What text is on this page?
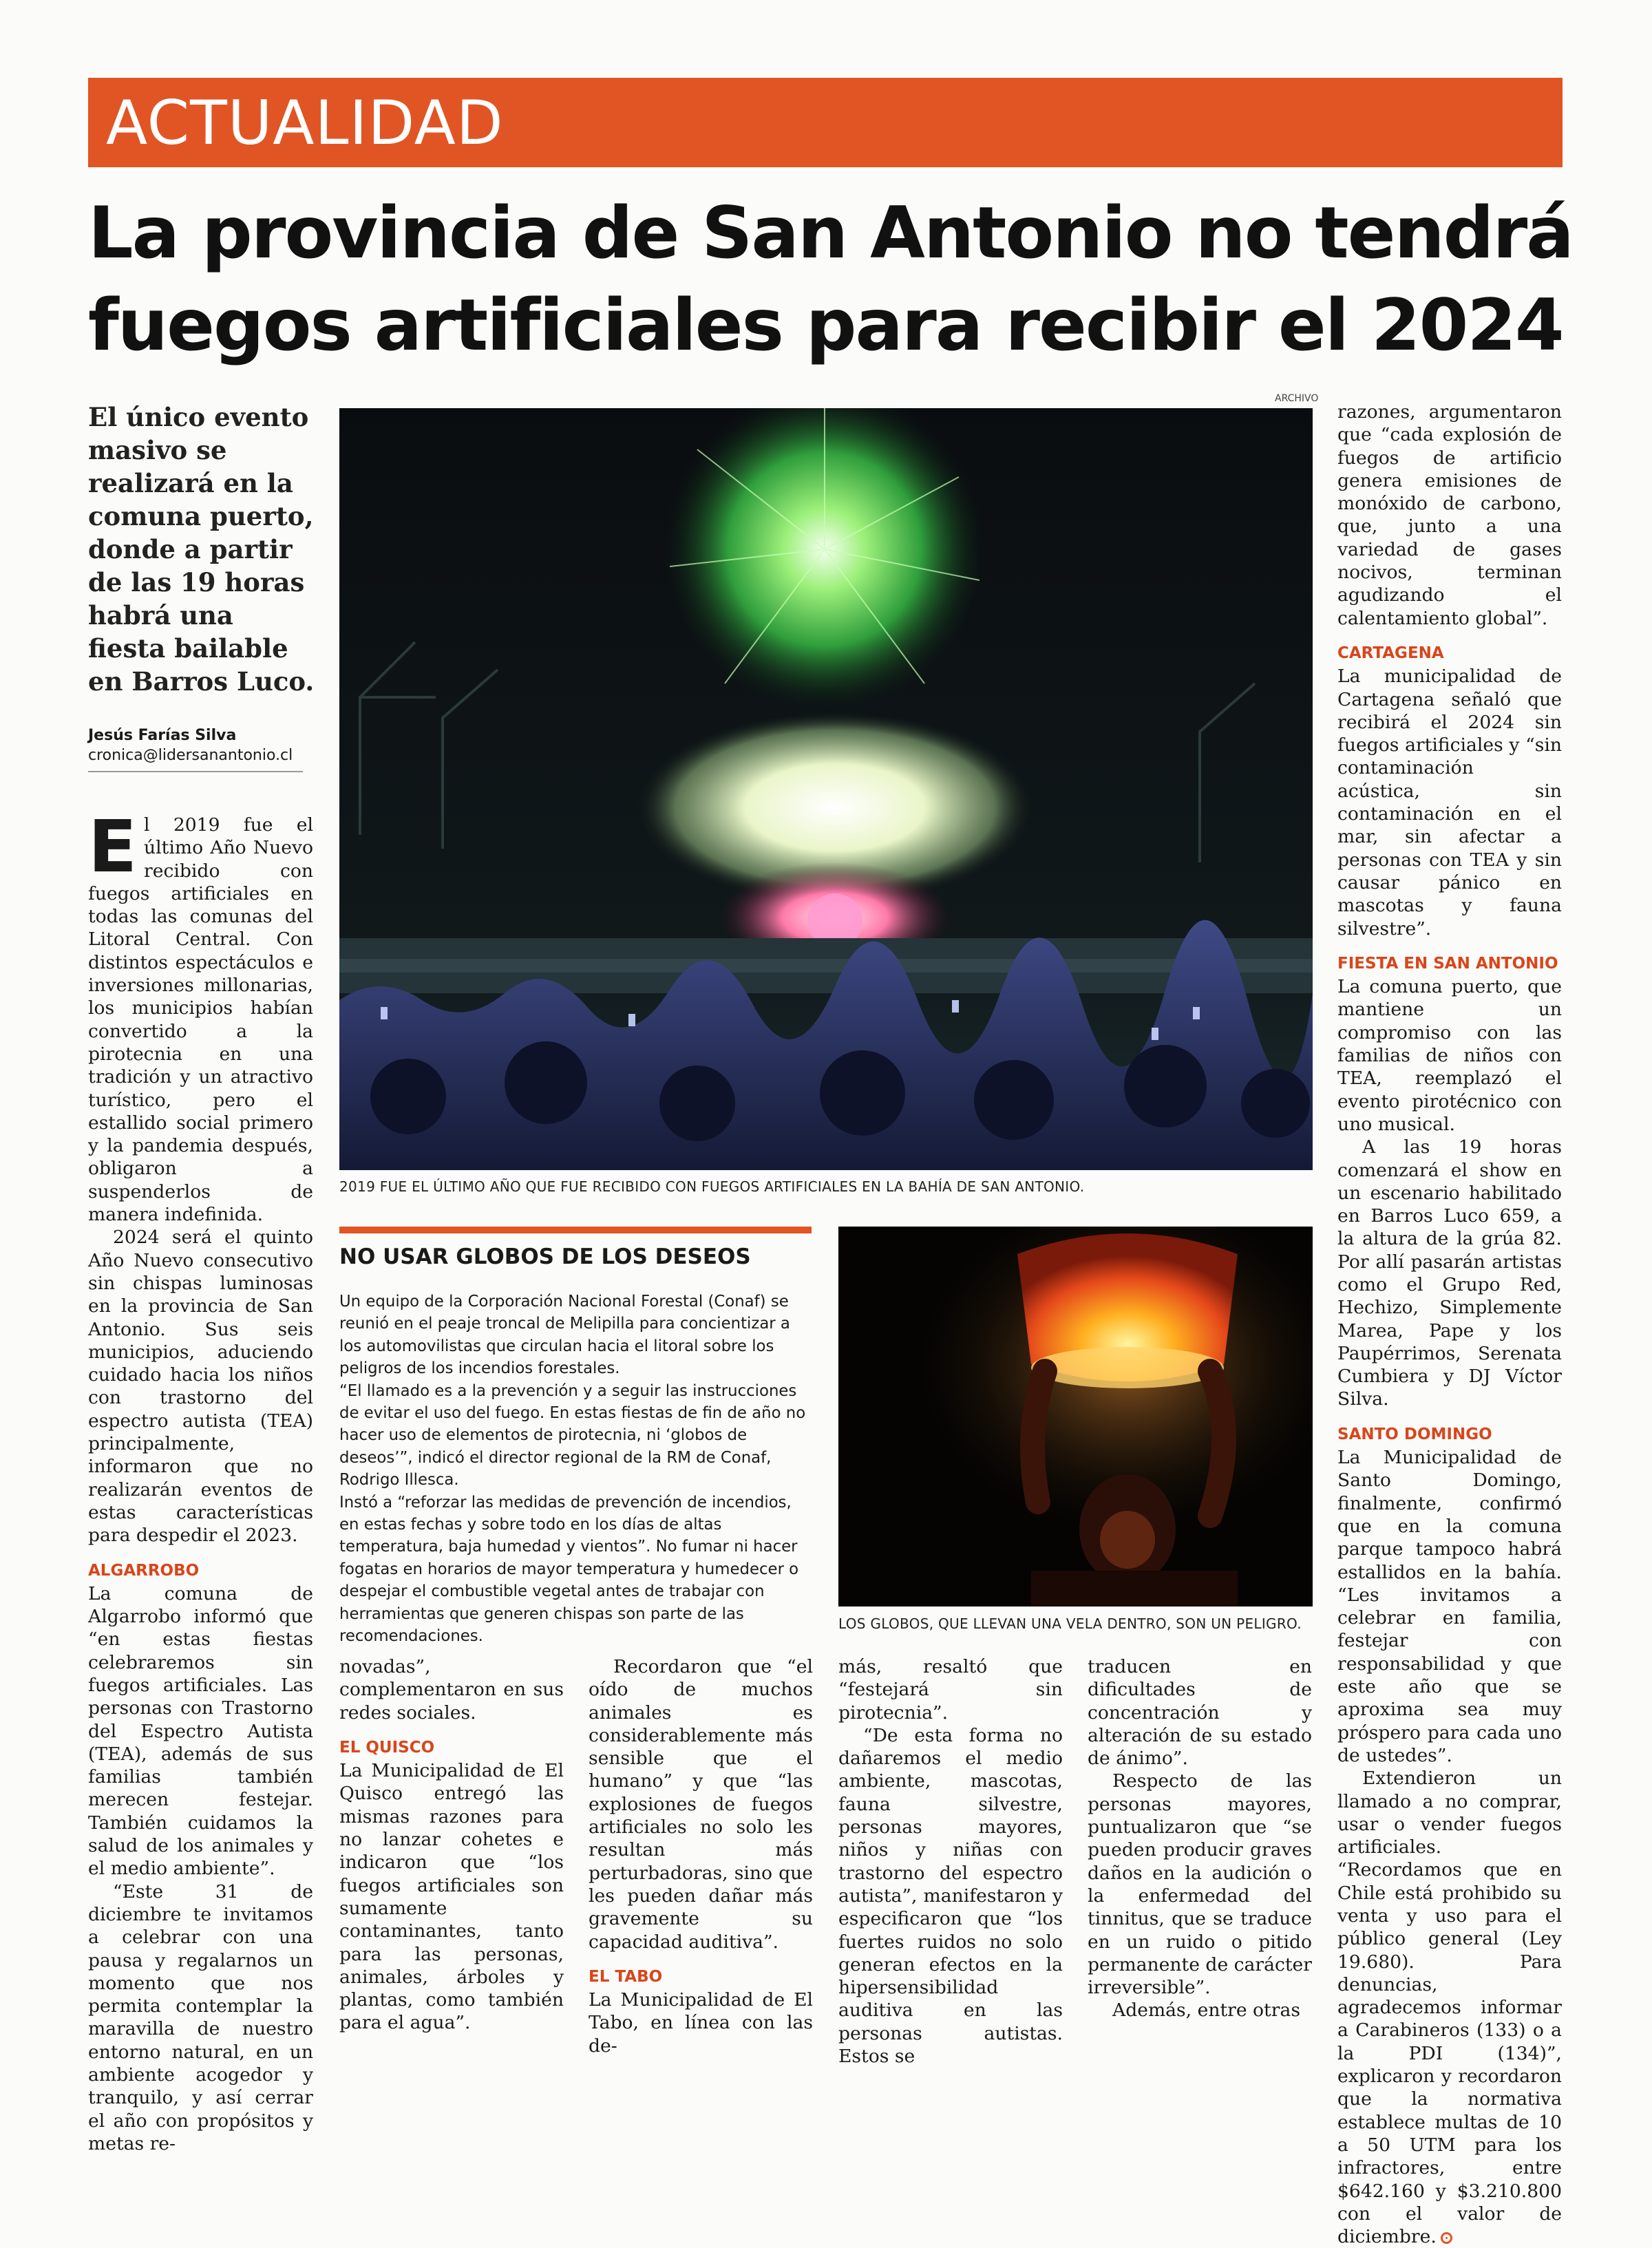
ACTUALIDAD
La provincia de San Antonio no tendrá fuegos artificiales para recibir el 2024
El único evento masivo se realizará en la comuna puerto, donde a partir de las 19 horas habrá una fiesta bailable en Barros Luco.
Jesús Farías Silva
cronica@lidersanantonio.cl
ARCHIVO
2019 FUE EL ÚLTIMO AÑO QUE FUE RECIBIDO CON FUEGOS ARTIFICIALES EN LA BAHÍA DE SAN ANTONIO.

El 2019 fue el último Año Nuevo recibido con fuegos artificiales en todas las comunas del Litoral Central. Con distintos espectáculos e inversiones millonarias, los municipios habían convertido a la pirotecnia en una tradición y un atractivo turístico, pero el estallido social primero y la pandemia después, obligaron a suspenderlos de manera indefinida.

2024 será el quinto Año Nuevo consecutivo sin chispas luminosas en la provincia de San Antonio. Sus seis municipios, aduciendo cuidado hacia los niños con trastorno del espectro autista (TEA) principalmente, informaron que no realizarán eventos de estas características para despedir el 2023.

ALGARROBO

La comuna de Algarrobo informó que “en estas fiestas celebraremos sin fuegos artificiales. Las personas con Trastorno del Espectro Autista (TEA), además de sus familias también merecen festejar. También cuidamos la salud de los animales y el medio ambiente”.

“Este 31 de diciembre te invitamos a celebrar con una pausa y regalarnos un momento que nos permita contemplar la maravilla de nuestro entorno natural, en un ambiente acogedor y tranquilo, y así cerrar el año con propósitos y metas re-

NO USAR GLOBOS DE LOS DESEOS

Un equipo de la Corporación Nacional Forestal (Conaf) se reunió en el peaje troncal de Melipilla para concientizar a los automovilistas que circulan hacia el litoral sobre los peligros de los incendios forestales.

“El llamado es a la prevención y a seguir las instrucciones de evitar el uso del fuego. En estas fiestas de fin de año no hacer uso de elementos de pirotecnia, ni ‘globos de deseos’”, indicó el director regional de la RM de Conaf, Rodrigo Illesca.

Instó a “reforzar las medidas de prevención de incendios, en estas fechas y sobre todo en los días de altas temperatura, baja humedad y vientos”. No fumar ni hacer fogatas en horarios de mayor temperatura y humedecer o despejar el combustible vegetal antes de trabajar con herramientas que generen chispas son parte de las recomendaciones.

LOS GLOBOS, QUE LLEVAN UNA VELA DENTRO, SON UN PELIGRO.

novadas”, complementaron en sus redes sociales.

EL QUISCO

La Municipalidad de El Quisco entregó las mismas razones para no lanzar cohetes e indicaron que “los fuegos artificiales son sumamente contaminantes, tanto para las personas, animales, árboles y plantas, como también para el agua”.

Recordaron que “el oído de muchos animales es considerablemente más sensible que el humano” y que “las explosiones de fuegos artificiales no solo les resultan más perturbadoras, sino que les pueden dañar más gravemente su capacidad auditiva”.

EL TABO

La Municipalidad de El Tabo, en línea con las de-

más, resaltó que “festejará sin pirotecnia”.

“De esta forma no dañaremos el medio ambiente, mascotas, fauna silvestre, personas mayores, niños y niñas con trastorno del espectro autista”, manifestaron y especificaron que “los fuertes ruidos no solo generan efectos en la hipersensibilidad auditiva en las personas autistas. Estos se

traducen en dificultades de concentración y alteración de su estado de ánimo”.

Respecto de las personas mayores, puntualizaron que “se pueden producir graves daños en la audición o la enfermedad del tinnitus, que se traduce en un ruido o pitido permanente de carácter irreversible”.

Además, entre otras

razones, argumentaron que “cada explosión de fuegos de artificio genera emisiones de monóxido de carbono, que, junto a una variedad de gases nocivos, terminan agudizando el calentamiento global”.

CARTAGENA

La municipalidad de Cartagena señaló que recibirá el 2024 sin fuegos artificiales y “sin contaminación acústica, sin contaminación en el mar, sin afectar a personas con TEA y sin causar pánico en mascotas y fauna silvestre”.

FIESTA EN SAN ANTONIO

La comuna puerto, que mantiene un compromiso con las familias de niños con TEA, reemplazó el evento pirotécnico con uno musical.

A las 19 horas comenzará el show en un escenario habilitado en Barros Luco 659, a la altura de la grúa 82. Por allí pasarán artistas como el Grupo Red, Hechizo, Simplemente Marea, Pape y los Paupérrimos, Serenata Cumbiera y DJ Víctor Silva.

SANTO DOMINGO

La Municipalidad de Santo Domingo, finalmente, confirmó que en la comuna parque tampoco habrá estallidos en la bahía. “Les invitamos a celebrar en familia, festejar con responsabilidad y que este año que se aproxima sea muy próspero para cada uno de ustedes”.

Extendieron un llamado a no comprar, usar o vender fuegos artificiales. “Recordamos que en Chile está prohibido su venta y uso para el público general (Ley 19.680). Para denuncias, agradecemos informar a Carabineros (133) o a la PDI (134)”, explicaron y recordaron que la normativa establece multas de 10 a 50 UTM para los infractores, entre $642.160 y $3.210.800 con el valor de diciembre.
